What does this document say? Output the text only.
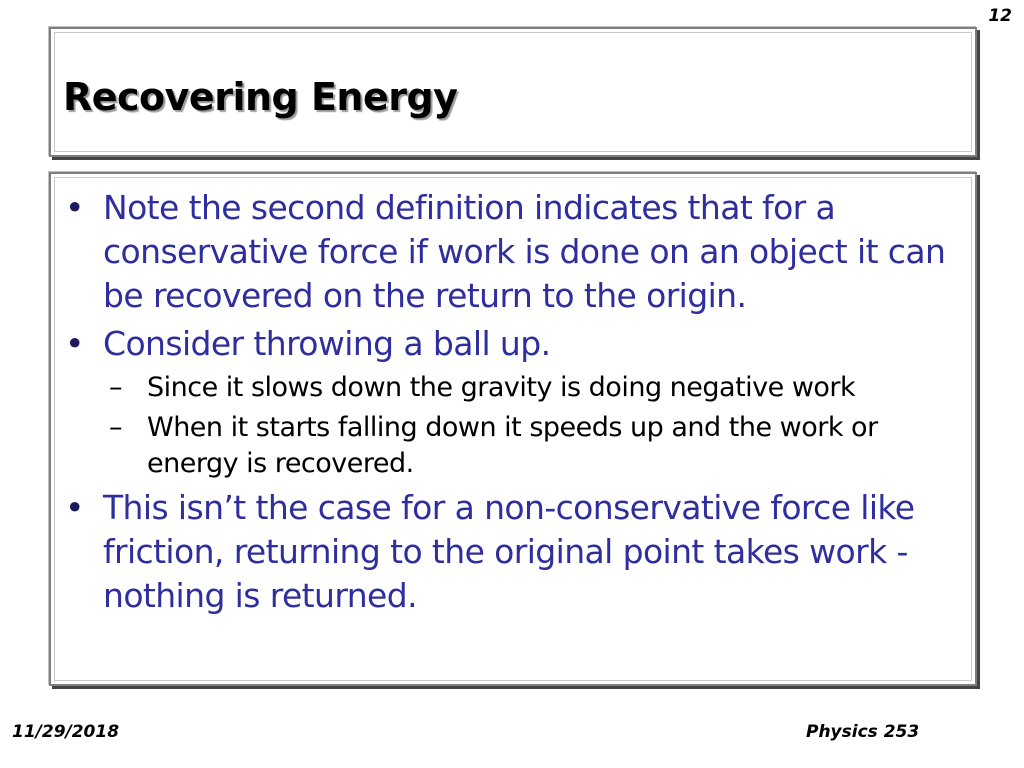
12
Recovering Energy
• Note the second definition indicates that for a conservative force if work is done on an object it can be recovered on the return to the origin.
• Consider throwing a ball up.
– Since it slows down the gravity is doing negative work
– When it starts falling down it speeds up and the work or energy is recovered.
• This isn’t the case for a non-conservative force like friction, returning to the original point takes work - nothing is returned.
11/29/2018	Physics 253
